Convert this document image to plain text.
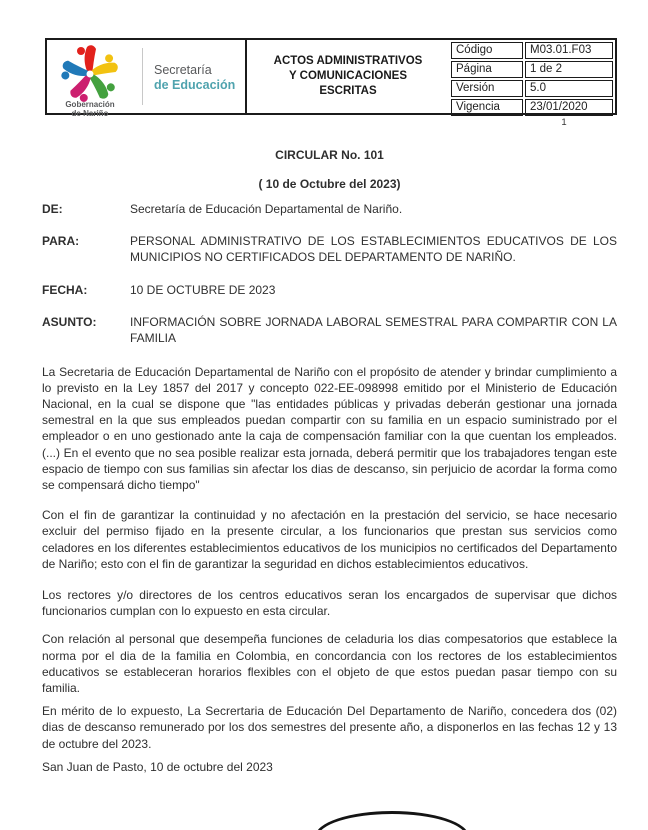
Gobernación
de Nariño
Secretaría
de Educación
ACTOS ADMINISTRATIVOS
Y COMUNICACIONES
ESCRITAS
Código	M03.01.F03
Página	1 de 2
Versión	5.0
Vigencia	23/01/2020
1

CIRCULAR No. 101

( 10 de Octubre del 2023)

DE:	Secretaría de Educación Departamental de Nariño.
PARA:	PERSONAL ADMINISTRATIVO DE LOS ESTABLECIMIENTOS EDUCATIVOS DE LOS MUNICIPIOS NO CERTIFICADOS DEL DEPARTAMENTO DE NARIÑO.
FECHA:	10 DE OCTUBRE DE 2023
ASUNTO:	INFORMACIÓN SOBRE JORNADA LABORAL SEMESTRAL PARA COMPARTIR CON LA FAMILIA

La Secretaria de Educación Departamental de Nariño con el propósito de atender y brindar cumplimiento a lo previsto en la Ley 1857 del 2017 y concepto 022-EE-098998 emitido por el Ministerio de Educación Nacional, en la cual se dispone que "las entidades públicas y privadas deberán gestionar una jornada semestral en la que sus empleados puedan compartir con su familia en un espacio suministrado por el empleador o en uno gestionado ante la caja de compensación familiar con la que cuentan los empleados. (...) En el evento que no sea posible realizar esta jornada, deberá permitir que los trabajadores tengan este espacio de tiempo con sus familias sin afectar los dias de descanso, sin perjuicio de acordar la forma como se compensará dicho tiempo"

Con el fin de garantizar la continuidad y no afectación en la prestación del servicio, se hace necesario excluir del permiso fijado en la presente circular, a los funcionarios que prestan sus servicios como celadores en los diferentes establecimientos educativos de los municipios no certificados del Departamento de Nariño; esto con el fin de garantizar la seguridad en dichos establecimientos educativos.

Los rectores y/o directores de los centros educativos seran los encargados de supervisar que dichos funcionarios cumplan con lo expuesto en esta circular.

Con relación al personal que desempeña funciones de celaduria los dias compesatorios que establece la norma por el dia de la familia en Colombia, en concordancia con los rectores de los establecimientos educativos se estableceran horarios flexibles con el objeto de que estos puedan pasar tiempo con su familia.

En mérito de lo expuesto, La Secrertaria de Educación Del Departamento de Nariño, concedera dos (02) dias de descanso remunerado por los dos semestres del presente año, a disponerlos en las fechas 12 y 13 de octubre del 2023.

San Juan de Pasto, 10 de octubre del 2023
